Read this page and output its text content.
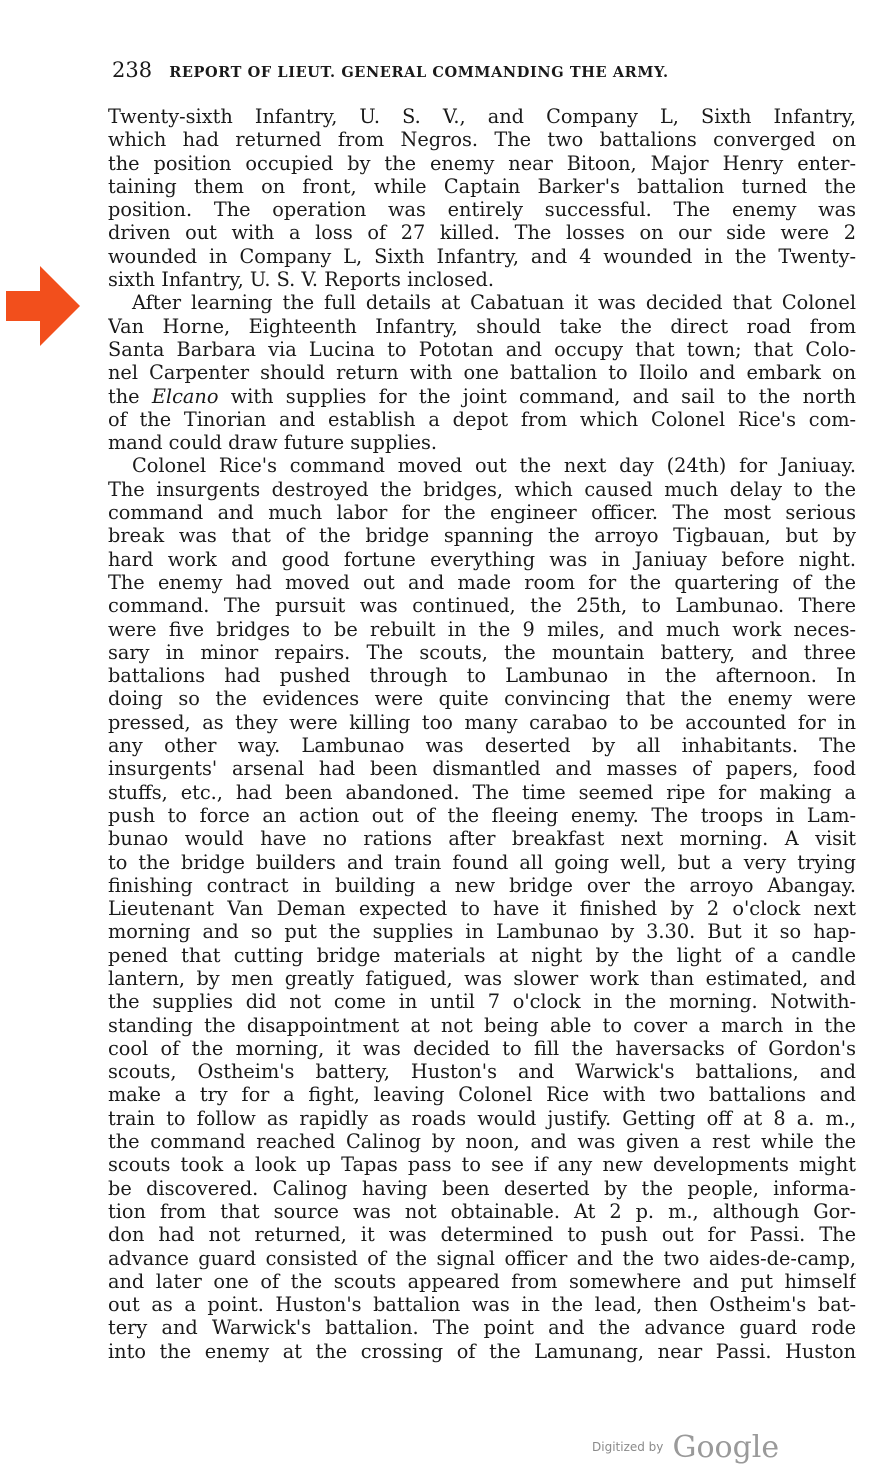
238 REPORT OF LIEUT. GENERAL COMMANDING THE ARMY.
Twenty-sixth Infantry, U. S. V., and Company L, Sixth Infantry,
which had returned from Negros. The two battalions converged on
the position occupied by the enemy near Bitoon, Major Henry enter-
taining them on front, while Captain Barker's battalion turned the
position. The operation was entirely successful. The enemy was
driven out with a loss of 27 killed. The losses on our side were 2
wounded in Company L, Sixth Infantry, and 4 wounded in the Twenty-
sixth Infantry, U. S. V. Reports inclosed.
After learning the full details at Cabatuan it was decided that Colonel
Van Horne, Eighteenth Infantry, should take the direct road from
Santa Barbara via Lucina to Pototan and occupy that town; that Colo-
nel Carpenter should return with one battalion to Iloilo and embark on
the Elcano with supplies for the joint command, and sail to the north
of the Tinorian and establish a depot from which Colonel Rice's com-
mand could draw future supplies.
Colonel Rice's command moved out the next day (24th) for Janiuay.
The insurgents destroyed the bridges, which caused much delay to the
command and much labor for the engineer officer. The most serious
break was that of the bridge spanning the arroyo Tigbauan, but by
hard work and good fortune everything was in Janiuay before night.
The enemy had moved out and made room for the quartering of the
command. The pursuit was continued, the 25th, to Lambunao. There
were five bridges to be rebuilt in the 9 miles, and much work neces-
sary in minor repairs. The scouts, the mountain battery, and three
battalions had pushed through to Lambunao in the afternoon. In
doing so the evidences were quite convincing that the enemy were
pressed, as they were killing too many carabao to be accounted for in
any other way. Lambunao was deserted by all inhabitants. The
insurgents' arsenal had been dismantled and masses of papers, food
stuffs, etc., had been abandoned. The time seemed ripe for making a
push to force an action out of the fleeing enemy. The troops in Lam-
bunao would have no rations after breakfast next morning. A visit
to the bridge builders and train found all going well, but a very trying
finishing contract in building a new bridge over the arroyo Abangay.
Lieutenant Van Deman expected to have it finished by 2 o'clock next
morning and so put the supplies in Lambunao by 3.30. But it so hap-
pened that cutting bridge materials at night by the light of a candle
lantern, by men greatly fatigued, was slower work than estimated, and
the supplies did not come in until 7 o'clock in the morning. Notwith-
standing the disappointment at not being able to cover a march in the
cool of the morning, it was decided to fill the haversacks of Gordon's
scouts, Ostheim's battery, Huston's and Warwick's battalions, and
make a try for a fight, leaving Colonel Rice with two battalions and
train to follow as rapidly as roads would justify. Getting off at 8 a. m.,
the command reached Calinog by noon, and was given a rest while the
scouts took a look up Tapas pass to see if any new developments might
be discovered. Calinog having been deserted by the people, informa-
tion from that source was not obtainable. At 2 p. m., although Gor-
don had not returned, it was determined to push out for Passi. The
advance guard consisted of the signal officer and the two aides-de-camp,
and later one of the scouts appeared from somewhere and put himself
out as a point. Huston's battalion was in the lead, then Ostheim's bat-
tery and Warwick's battalion. The point and the advance guard rode
into the enemy at the crossing of the Lamunang, near Passi. Huston
$^{Digitized by}$ Google
